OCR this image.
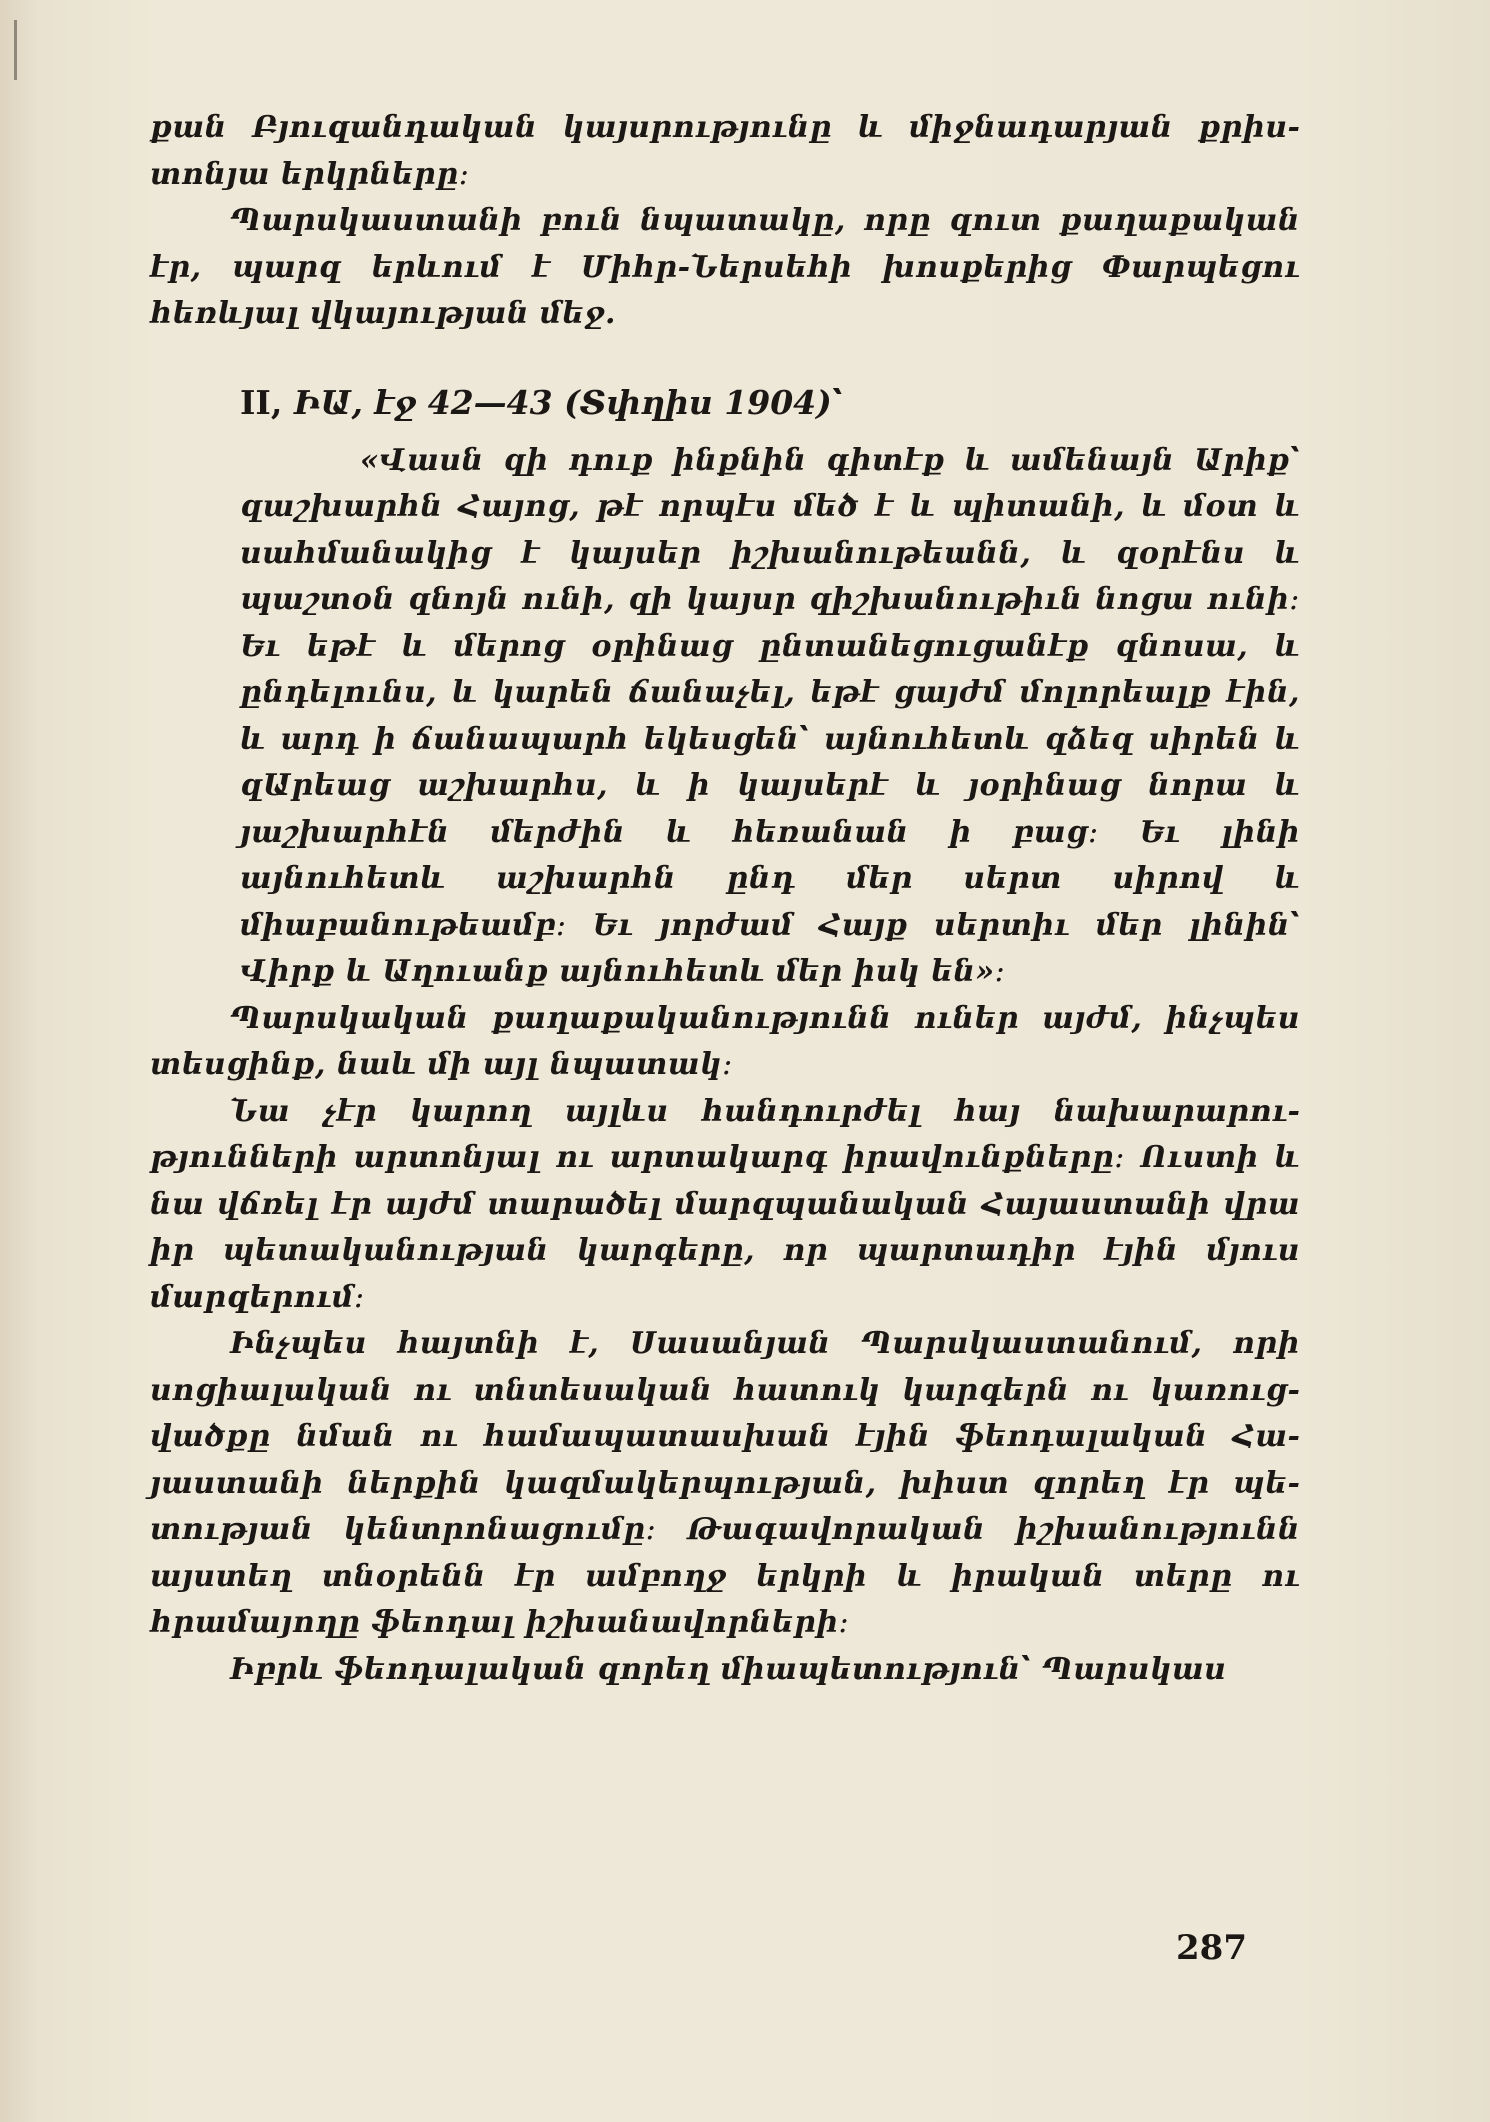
քան Բյուզանդական կայսրությունը և միջնադարյան քրիստոնյա երկրները։

Պարսկաստանի բուն նպատակը, որը զուտ քաղաքական էր, պարզ երևում է Միհր-Ներսեհի խոսքերից Փարպեցու հեռևյալ վկայության մեջ.

II, ԻԱ, էջ 42—43 (Տփղիս 1904)՝

«Վասն զի դուք ինքնին գիտէք և ամենայն Արիք՝ զաշխարհն Հայոց, թէ որպէս մեծ է և պիտանի, և մօտ և սահմանակից է կայսեր իշխանութեանն, և զօրէնս և պաշտօն զնոյն ունի, զի կայսր զիշխանութիւն նոցա ունի։ Եւ եթէ և մերոց օրինաց ընտանեցուցանէք զնոսա, և ընդելունս, և կարեն ճանաչել, եթէ ցայժմ մոլորեալք էին, և արդ ի ճանապարհ եկեսցեն՝ այնուհետև զձեզ սիրեն և զԱրեաց աշխարհս, և ի կայսերէ և յօրինաց նորա և յաշխարհէն մերժին և հեռանան ի բաց։ Եւ լինի այնուհետև աշխարհն ընդ մեր սերտ սիրով և միաբանութեամբ։ Եւ յորժամ Հայք սերտիւ մեր լինին՝ Վիրք և Աղուանք այնուհետև մեր իսկ են»։

Պարսկական քաղաքականությունն ուներ այժմ, ինչպես տեսցինք, նաև մի այլ նպատակ։

Նա չէր կարող այլևս հանդուրժել հայ նախարարությունների արտոնյալ ու արտակարգ իրավունքները։ Ուստի և նա վճռել էր այժմ տարածել մարզպանական Հայաստանի վրա իր պետականության կարգերը, որ պարտադիր էյին մյուս մարզերում։

Ինչպես հայտնի է, Սասանյան Պարսկաստանում, որի սոցիալական ու տնտեսական հատուկ կարգերն ու կառուցվածքը նման ու համապատասխան էյին ֆեոդալական Հայաստանի ներքին կազմակերպության, խիստ զորեղ էր պետության կենտրոնացումը։ Թագավորական իշխանությունն այստեղ տնօրենն էր ամբողջ երկրի և իրական տերը ու հրամայողը ֆեոդալ իշխանավորների։

Իբրև ֆեոդալական զորեղ միապետություն՝ Պարսկաս

287
